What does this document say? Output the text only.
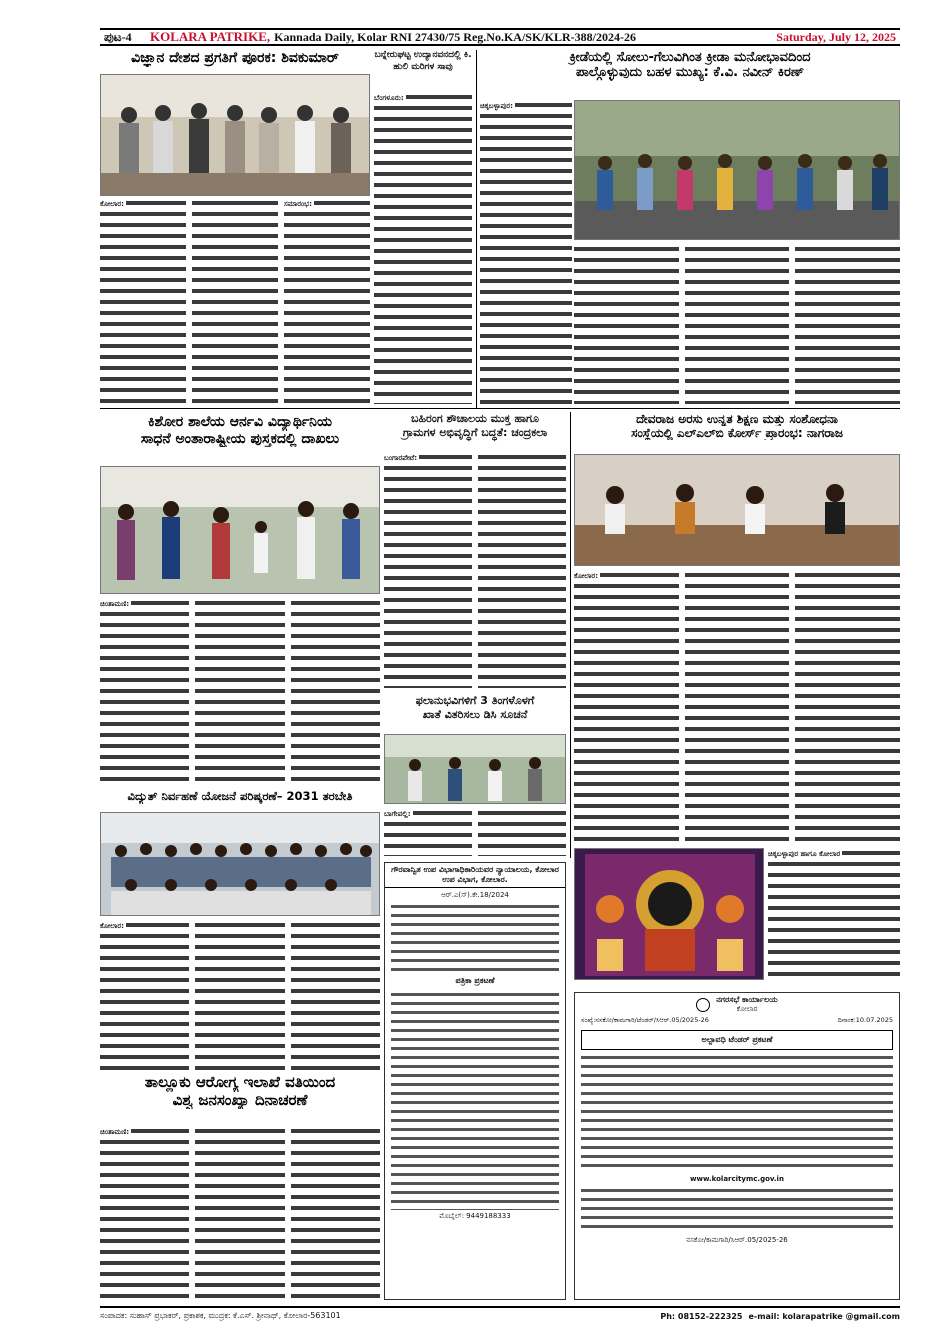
ಪುಟ-4	KOLARA PATRIKE, Kannada Daily, Kolar RNI 27430/75 Reg.No.KA/SK/KLR-388/2024-26	Saturday, July 12, 2025
ವಿಜ್ಞಾನ ದೇಶದ ಪ್ರಗತಿಗೆ ಪೂರಕ: ಶಿವಕುಮಾರ್
ಕೋಲಾರ:	ಸಮಾರಂಭ:
ಬನ್ನೇರುಘಟ್ಟ ಉದ್ಯಾನವನದಲ್ಲಿ ಕಿ. ಹುಲಿ ಮರಿಗಳ ಸಾವು
ಬೆಂಗಳೂರು:
ಕ್ರೀಡೆಯಲ್ಲಿ ಸೋಲು-ಗೆಲುವಿಗಿಂತ ಕ್ರೀಡಾ ಮನೋಭಾವದಿಂದ
ಪಾಲ್ಗೊಳ್ಳುವುದು ಬಹಳ ಮುಖ್ಯ: ಕೆ.ವಿ. ನವೀನ್ ಕಿರಣ್
ಚಿಕ್ಕಬಳ್ಳಾಪುರ:
ಕಿಶೋರ ಶಾಲೆಯ ಆರ್ನವಿ ವಿದ್ಯಾರ್ಥಿನಿಯ
ಸಾಧನೆ ಅಂತಾರಾಷ್ಟ್ರೀಯ ಪುಸ್ತಕದಲ್ಲಿ ದಾಖಲು
ಚಿಂತಾಮಣಿ:
ಬಹಿರಂಗ ಶೌಚಾಲಯ ಮುಕ್ತ ಹಾಗೂ
ಗ್ರಾಮಗಳ ಅಭಿವೃದ್ಧಿಗೆ ಬದ್ಧತೆ: ಚಂದ್ರಕಲಾ
ಬಂಗಾರಪೇಟೆ:
ಫಲಾನುಭವಿಗಳಿಗೆ 3 ತಿಂಗಳೊಳಗೆ
ಖಾತೆ ವಿತರಿಸಲು ಡಿಸಿ ಸೂಚನೆ
ಬಾಗೇಪಲ್ಲಿ:
ದೇವರಾಜ ಅರಸು ಉನ್ನತ ಶಿಕ್ಷಣ ಮತ್ತು ಸಂಶೋಧನಾ
ಸಂಸ್ಥೆಯಲ್ಲಿ ಎಲ್‌ಎಲ್‌ಬಿ ಕೋರ್ಸ್ ಪ್ರಾರಂಭ: ನಾಗರಾಜ
ಕೋಲಾರ:
ವಿದ್ಯುತ್ ನಿರ್ವಹಣೆ ಯೋಜನೆ ಪರಿಷ್ಕರಣೆ– 2031 ತರಬೇತಿ
ಕೋಲಾರ:
ಚಿಕ್ಕಬಳ್ಳಾಪುರ ಹಾಗೂ ಕೋಲಾರ
ಗೌರವಾನ್ವಿತ ಉಪ ವಿಭಾಗಾಧಿಕಾರಿಯವರ ನ್ಯಾಯಾಲಯ, ಕೋಲಾರ ಉಪ ವಿಭಾಗ, ಕೋಲಾರ.
ಆರ್.ಎ(ಸ್).ಕೇ.18/2024
ಪತ್ರಿಕಾ ಪ್ರಕಟಣೆ
ಮೊಬೈಲ್: 9449188333
ನಗರಸಭೆ ಕಾರ್ಯಾಲಯ
ಕೋಲಾರ
ಸಂಖ್ಯೆ:ನಸಕೋ/ಕಾಮಗಾರಿ/ಟೆಂಡರ್/ಸಿಆರ್.05/2025-26	ದಿನಾಂಕ:10.07.2025
ಅಲ್ಪಾವಧಿ ಟೆಂಡರ್ ಪ್ರಕಟಣೆ
www.kolarcitymc.gov.in
ನಸಕೋ/ಕಾಮಗಾರಿ/ಸಿಆರ್.05/2025-26
ತಾಲ್ಲೂಕು ಆರೋಗ್ಯ ಇಲಾಖೆ ವತಿಯಿಂದ
ವಿಶ್ವ ಜನಸಂಖ್ಯಾ ದಿನಾಚರಣೆ
ಚಿಂತಾಮಣಿ:
ಸಂಪಾದಕ: ಸುಹಾಸ್ ಪ್ರಭಾಕರ್, ಪ್ರಕಾಶಕ, ಮುದ್ರಕ: ಕೆ.ಎಸ್. ಶ್ರೀನಾಥ್, ಕೋಲಾರ-563101	Ph: 08152-222325 e-mail: kolarapatrike @gmail.com
